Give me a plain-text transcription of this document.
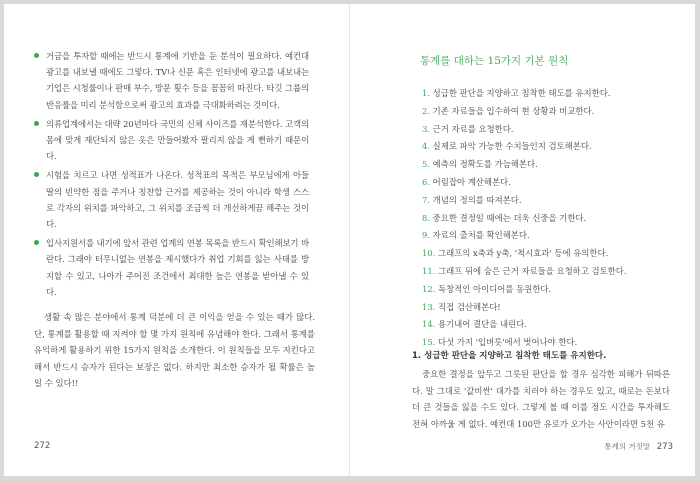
거금을 투자할 때에는 반드시 통계에 기반을 둔 분석이 필요하다. 예컨대 광고를 내보낼 때에도 그렇다. TV나 신문 혹은 인터넷에 광고를 내보내는 기업은 시청률이나 판매 부수, 방문 횟수 등을 꼼꼼히 따진다. 타깃 그룹의 반응률을 미리 분석함으로써 광고의 효과를 극대화하려는 것이다.
의류업계에서는 대략 20년마다 국민의 신체 사이즈를 재분석한다. 고객의 몸에 맞게 재단되지 않은 옷은 만들어봤자 팔리지 않을 게 뻔하기 때문이다.
시험을 치르고 나면 성적표가 나온다. 성적표의 목적은 부모님에게 아들 딸의 빈약한 점을 주거나 칭찬할 근거를 제공하는 것이 아니라 학생 스스로 각자의 위치를 파악하고, 그 위치를 조금씩 더 개선하게끔 해주는 것이다.
입사지원서를 내기에 앞서 관련 업계의 연봉 목록을 반드시 확인해보기 바란다. 그래야 터무니없는 연봉을 제시했다가 취업 기회를 잃는 사태를 방지할 수 있고, 나아가 주어진 조건에서 최대한 높은 연봉을 받아낼 수 있다.

생활 속 많은 분야에서 통계 덕분에 더 큰 이익을 얻을 수 있는 때가 많다. 단, 통계를 활용할 때 지켜야 할 몇 가지 원칙에 유념해야 한다. 그래서 통계를 유익하게 활용하기 위한 15가지 원칙을 소개한다. 이 원칙들을 모두 지킨다고 해서 반드시 승자가 된다는 보장은 없다. 하지만 최소한 승자가 될 확률은 높일 수 있다!!

272
통계를 대하는 15가지 기본 원칙
1. 성급한 판단을 지양하고 침착한 태도를 유지한다.
2. 기존 자료들을 입수하여 현 상황과 비교한다.
3. 근거 자료를 요청한다.
4. 실제로 파악 가능한 수치들인지 검토해본다.
5. 예측의 정확도를 가늠해본다.
6. 어림잡아 계산해본다.
7. 개념의 정의를 따져본다.
8. 중요한 결정일 때에는 더욱 신중을 기한다.
9. 자료의 출처를 확인해본다.
10. 그래프의 x축과 y축, '척시효과' 등에 유의한다.
11. 그래프 뒤에 숨은 근거 자료들을 요청하고 검토한다.
12. 독창적인 아이디어를 동원한다.
13. 직접 검산해본다!
14. 용기내어 결단을 내린다.
15. 다섯 가지 '입버릇'에서 벗어나야 한다.
1. 성급한 판단을 지양하고 침착한 태도를 유지한다.

중요한 결정을 앞두고 그릇된 판단을 할 경우 심각한 피해가 뒤따른다. 말 그대로 '값비싼' 대가를 치러야 하는 경우도 있고, 때로는 돈보다 더 큰 것들을 잃을 수도 있다. 그렇게 볼 때 이를 정도 시간을 투자해도 전혀 아까울 게 없다. 예컨대 100만 유로가 오가는 사안이라면 5천 유

통계의 거짓말 273
